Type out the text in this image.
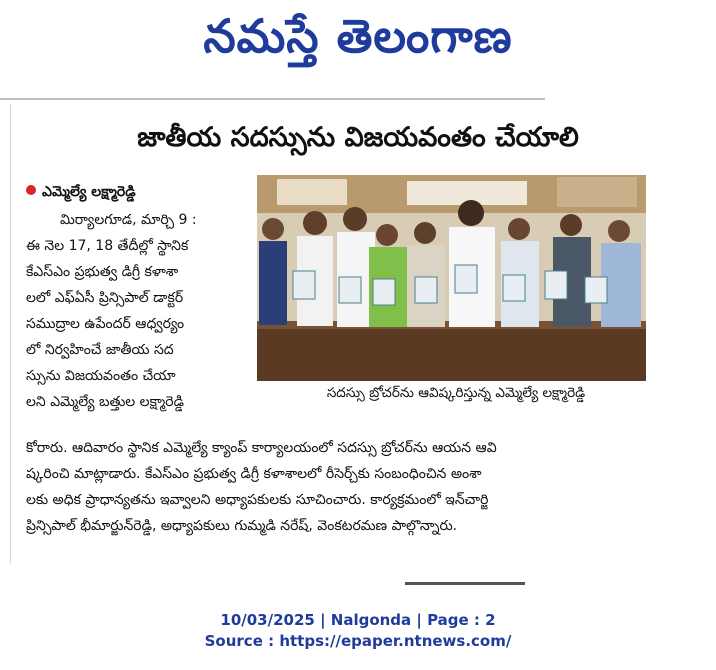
నమస్తే తెలంగాణ
జాతీయ సదస్సును విజయవంతం చేయాలి
ఎమ్మెల్యే లక్ష్మారెడ్డి
మిర్యాలగూడ, మార్చి 9 :
ఈ నెల 17, 18 తేదీల్లో స్థానిక
కేఎస్ఎం ప్రభుత్వ డిగ్రీ కళాశా
లలో ఎఫ్ఏసీ ప్రిన్సిపాల్ డాక్టర్
సముద్రాల ఉపేందర్ ఆధ్వర్యం
లో నిర్వహించే జాతీయ సద
స్సును విజయవంతం చేయా
లని ఎమ్మెల్యే బత్తుల లక్ష్మారెడ్డి
కోరారు. ఆదివారం స్థానిక ఎమ్మెల్యే క్యాంప్ కార్యాలయంలో సదస్సు బ్రోచర్‌ను ఆయన ఆవి
ష్కరించి మాట్లాడారు. కేఎస్ఎం ప్రభుత్వ డిగ్రీ కళాశాలలో రీసెర్చ్‌కు సంబంధించిన అంశా
లకు అధిక ప్రాధాన్యతను ఇవ్వాలని అధ్యాపకులకు సూచించారు. కార్యక్రమంలో ఇన్‌చార్జి
ప్రిన్సిపాల్ భీమార్జున్‌రెడ్డి, అధ్యాపకులు గుమ్మడి నరేష్, వెంకటరమణ పాల్గొన్నారు.
సదస్సు బ్రోచర్‌ను ఆవిష్కరిస్తున్న ఎమ్మెల్యే లక్ష్మారెడ్డి
10/03/2025 | Nalgonda | Page : 2
Source : https://epaper.ntnews.com/
